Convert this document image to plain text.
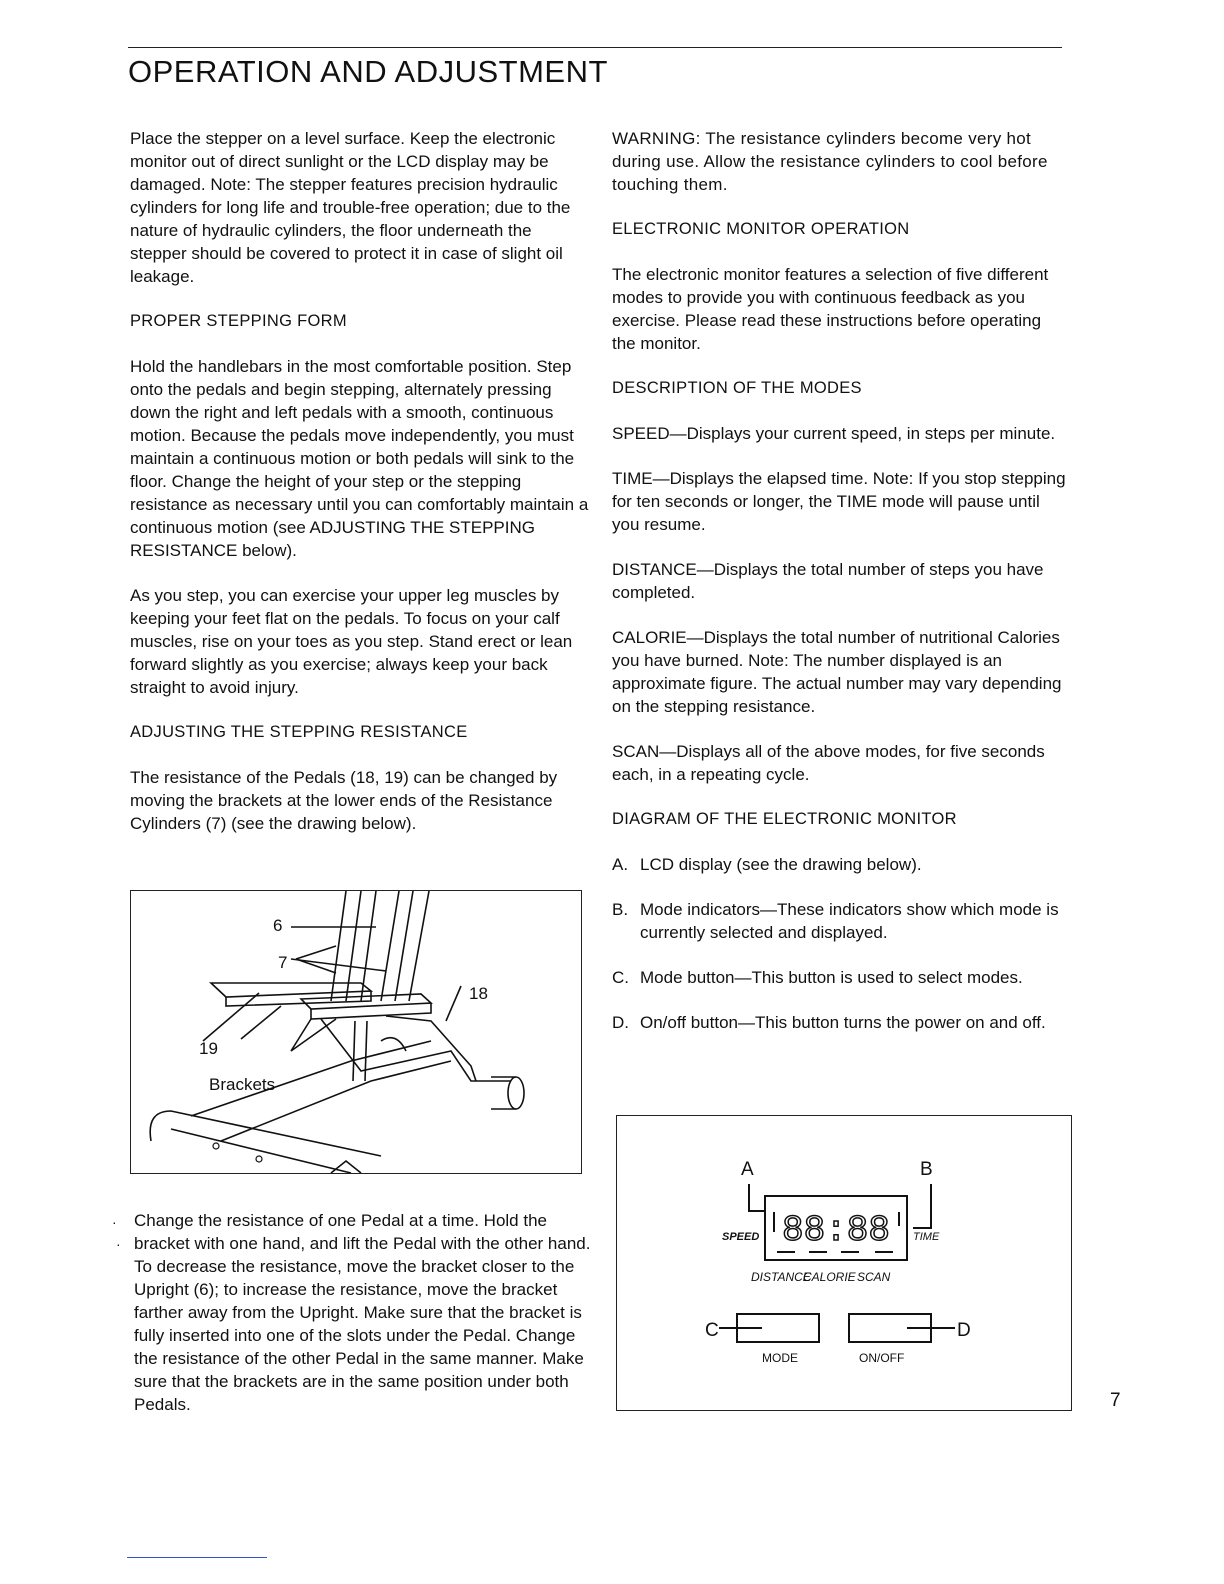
OPERATION AND ADJUSTMENT

Place the stepper on a level surface. Keep the electronic monitor out of direct sunlight or the LCD display may be damaged. Note: The stepper features precision hydraulic cylinders for long life and trouble-free operation; due to the nature of hydraulic cylinders, the floor underneath the stepper should be covered to protect it in case of slight oil leakage.

PROPER STEPPING FORM

Hold the handlebars in the most comfortable position. Step onto the pedals and begin stepping, alternately pressing down the right and left pedals with a smooth, continuous motion. Because the pedals move independently, you must maintain a continuous motion or both pedals will sink to the floor. Change the height of your step or the stepping resistance as necessary until you can comfortably maintain a continuous motion (see ADJUSTING THE STEPPING RESISTANCE below).

As you step, you can exercise your upper leg muscles by keeping your feet flat on the pedals. To focus on your calf muscles, rise on your toes as you step. Stand erect or lean forward slightly as you exercise; always keep your back straight to avoid injury.

ADJUSTING THE STEPPING RESISTANCE

The resistance of the Pedals (18, 19) can be changed by moving the brackets at the lower ends of the Resistance Cylinders (7) (see the drawing below).

6
7
18
19
Brackets
·
·

Change the resistance of one Pedal at a time. Hold the bracket with one hand, and lift the Pedal with the other hand. To decrease the resistance, move the bracket closer to the Upright (6); to increase the resistance, move the bracket farther away from the Upright. Make sure that the bracket is fully inserted into one of the slots under the Pedal. Change the resistance of the other Pedal in the same manner. Make sure that the brackets are in the same position under both Pedals.

WARNING: The resistance cylinders become very hot during use. Allow the resistance cylinders to cool before touching them.

ELECTRONIC MONITOR OPERATION

The electronic monitor features a selection of five different modes to provide you with continuous feedback as you exercise. Please read these instructions before operating the monitor.

DESCRIPTION OF THE MODES

SPEED—Displays your current speed, in steps per minute.

TIME—Displays the elapsed time. Note: If you stop stepping for ten seconds or longer, the TIME mode will pause until you resume.

DISTANCE—Displays the total number of steps you have completed.

CALORIE—Displays the total number of nutritional Calories you have burned. Note: The number displayed is an approximate figure. The actual number may vary depending on the stepping resistance.

SCAN—Displays all of the above modes, for five seconds each, in a repeating cycle.

DIAGRAM OF THE ELECTRONIC MONITOR
A. LCD display (see the drawing below).
B. Mode indicators—These indicators show which mode is currently selected and displayed.
C. Mode button—This button is used to select modes.
D. On/off button—This button turns the power on and off.
A	B
88:88
SPEED	TIME
DISTANCE
CALORIE SCAN
C	D
MODE	ON/OFF
7
